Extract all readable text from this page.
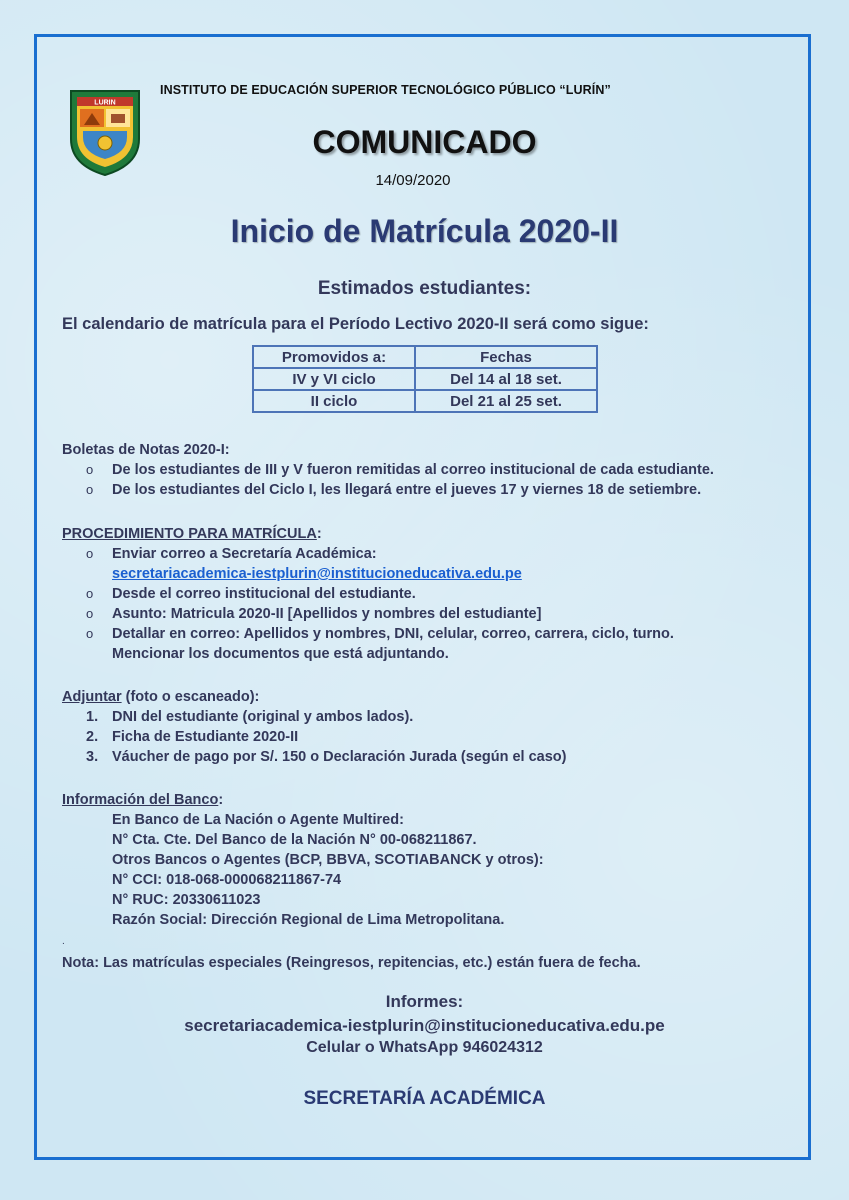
LURIN
INSTITUTO DE EDUCACIÓN SUPERIOR TECNOLÓGICO PÚBLICO “LURÍN”
COMUNICADO
14/09/2020
Inicio de Matrícula 2020-II
Estimados estudiantes:
El calendario de matrícula para el Período Lectivo 2020-II será como sigue:
Promovidos a:	Fechas
IV y VI ciclo	Del 14 al 18 set.
II ciclo	Del 21 al 25 set.
Boletas de Notas 2020-I:
o De los estudiantes de III y V fueron remitidas al correo institucional de cada estudiante.
o De los estudiantes del Ciclo I, les llegará entre el jueves 17 y viernes 18 de setiembre.
PROCEDIMIENTO PARA MATRÍCULA:
o Enviar correo a Secretaría Académica:
secretariacademica-iestplurin@institucioneducativa.edu.pe
o Desde el correo institucional del estudiante.
o Asunto: Matricula 2020-II [Apellidos y nombres del estudiante]
o Detallar en correo: Apellidos y nombres, DNI, celular, correo, carrera, ciclo, turno.
Mencionar los documentos que está adjuntando.
Adjuntar (foto o escaneado):
1. DNI del estudiante (original y ambos lados).
2. Ficha de Estudiante 2020-II
3. Váucher de pago por S/. 150 o Declaración Jurada (según el caso)
Información del Banco:
En Banco de La Nación o Agente Multired:
N° Cta. Cte. Del Banco de la Nación N° 00-068211867.
Otros Bancos o Agentes (BCP, BBVA, SCOTIABANCK y otros):
N° CCI: 018-068-000068211867-74
N° RUC: 20330611023
Razón Social: Dirección Regional de Lima Metropolitana.
.
Nota: Las matrículas especiales (Reingresos, repitencias, etc.) están fuera de fecha.
Informes:
secretariacademica-iestplurin@institucioneducativa.edu.pe
Celular o WhatsApp 946024312
SECRETARÍA ACADÉMICA
